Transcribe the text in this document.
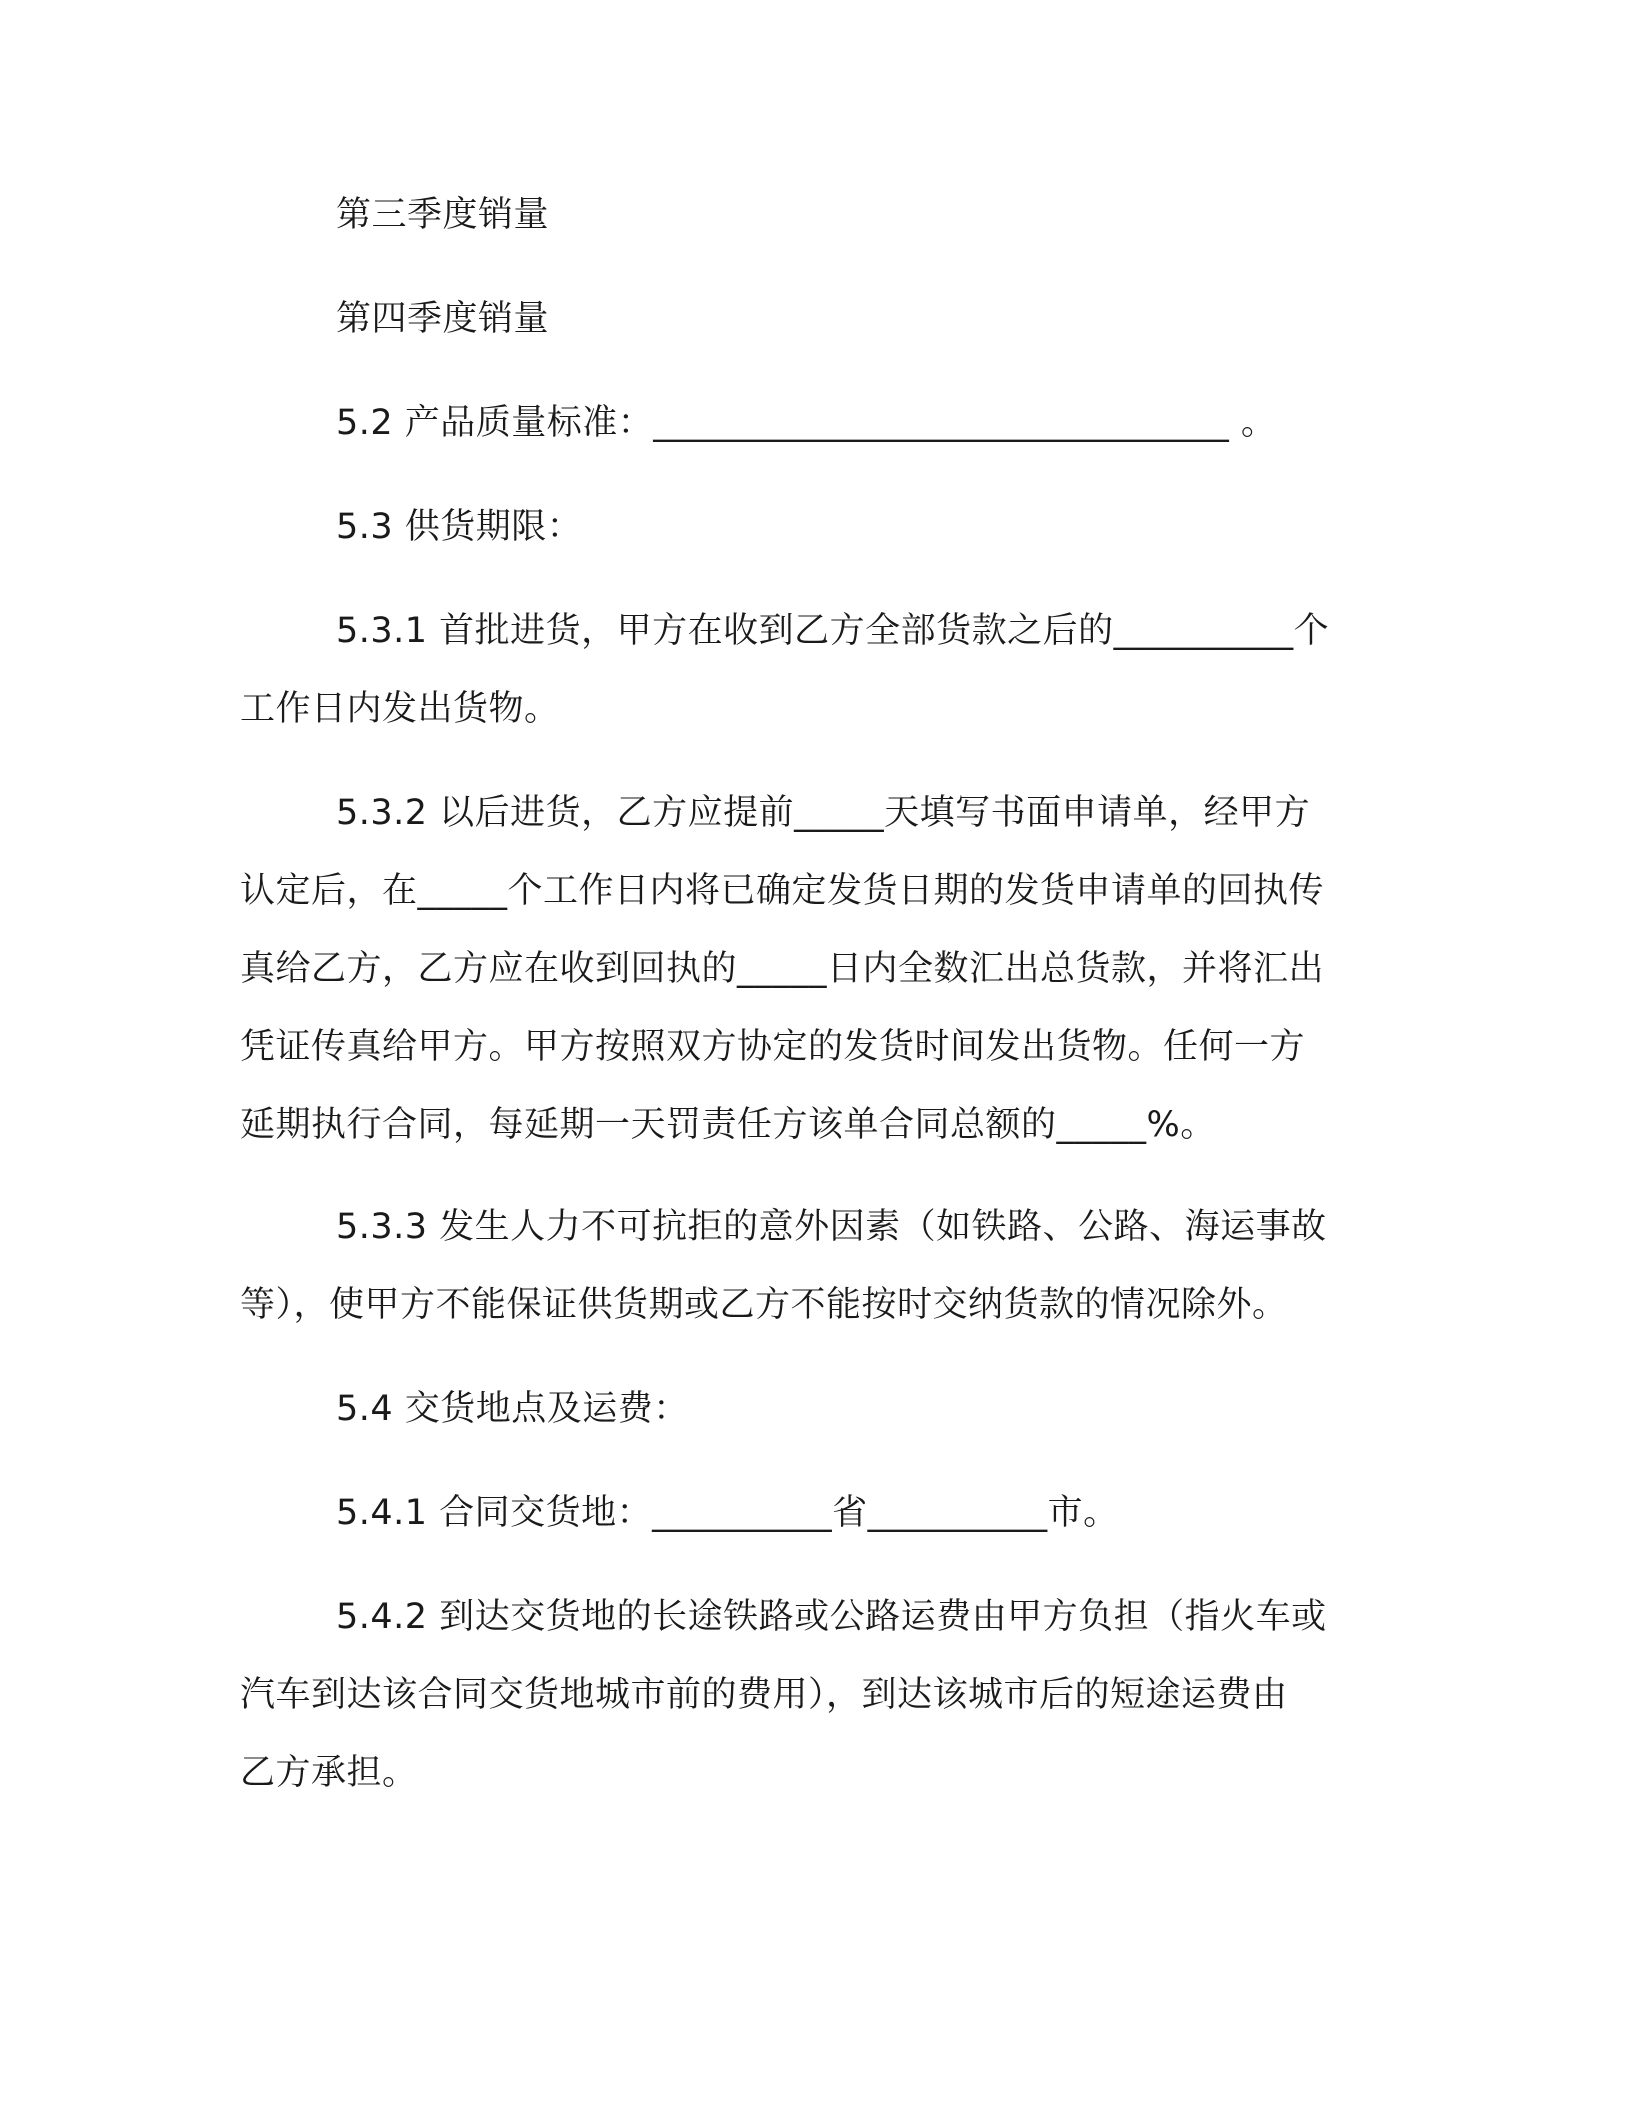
第三季度销量

第四季度销量

5.2 产品质量标准：________________________________ 。

5.3 供货期限：

5.3.1 首批进货，甲方在收到乙方全部货款之后的__________个
工作日内发出货物。

5.3.2 以后进货，乙方应提前_____天填写书面申请单，经甲方
认定后，在_____个工作日内将已确定发货日期的发货申请单的回执传
真给乙方，乙方应在收到回执的_____日内全数汇出总货款，并将汇出
凭证传真给甲方。甲方按照双方协定的发货时间发出货物。任何一方
延期执行合同，每延期一天罚责任方该单合同总额的_____%。

5.3.3 发生人力不可抗拒的意外因素（如铁路、公路、海运事故
等），使甲方不能保证供货期或乙方不能按时交纳货款的情况除外。

5.4 交货地点及运费：

5.4.1 合同交货地：__________省__________市。

5.4.2 到达交货地的长途铁路或公路运费由甲方负担（指火车或
汽车到达该合同交货地城市前的费用），到达该城市后的短途运费由
乙方承担。
